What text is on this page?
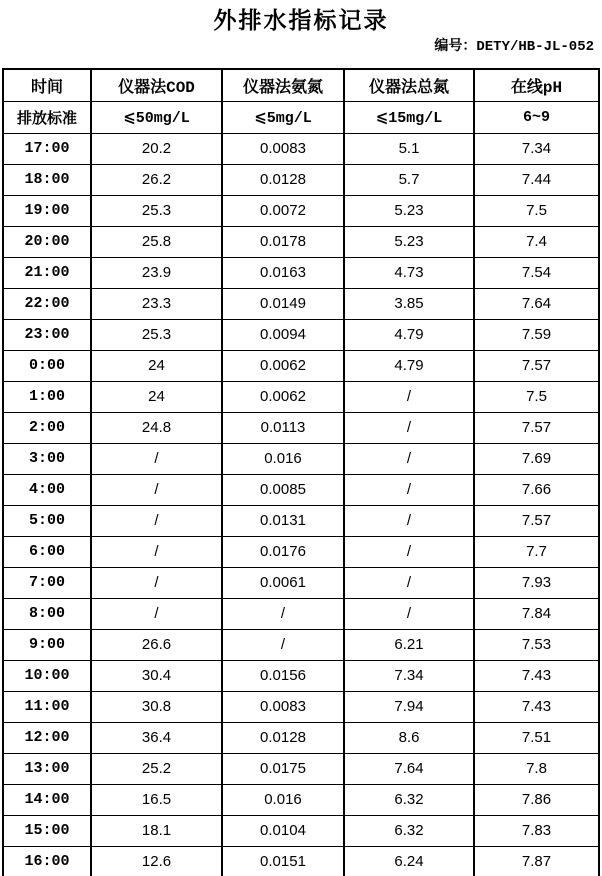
外排水指标记录
编号：DETY/HB-JL-052
时间	仪器法COD	仪器法氨氮	仪器法总氮	在线pH
排放标准	⩽50mg/L	⩽5mg/L	⩽15mg/L	6~9
17:00	20.2	0.0083	5.1	7.34
18:00	26.2	0.0128	5.7	7.44
19:00	25.3	0.0072	5.23	7.5
20:00	25.8	0.0178	5.23	7.4
21:00	23.9	0.0163	4.73	7.54
22:00	23.3	0.0149	3.85	7.64
23:00	25.3	0.0094	4.79	7.59
0:00	24	0.0062	4.79	7.57
1:00	24	0.0062	/	7.5
2:00	24.8	0.0113	/	7.57
3:00	/	0.016	/	7.69
4:00	/	0.0085	/	7.66
5:00	/	0.0131	/	7.57
6:00	/	0.0176	/	7.7
7:00	/	0.0061	/	7.93
8:00	/	/	/	7.84
9:00	26.6	/	6.21	7.53
10:00	30.4	0.0156	7.34	7.43
11:00	30.8	0.0083	7.94	7.43
12:00	36.4	0.0128	8.6	7.51
13:00	25.2	0.0175	7.64	7.8
14:00	16.5	0.016	6.32	7.86
15:00	18.1	0.0104	6.32	7.83
16:00	12.6	0.0151	6.24	7.87
